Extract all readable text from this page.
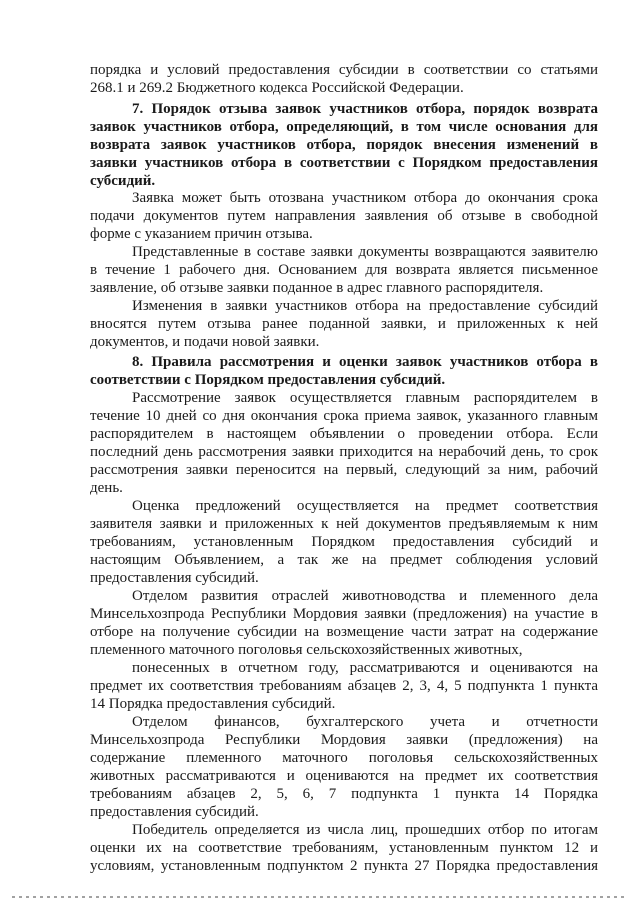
порядка и условий предоставления субсидии в соответствии со статьями
268.1 и 269.2 Бюджетного кодекса Российской Федерации.
7. Порядок отзыва заявок участников отбора, порядок возврата
заявок участников отбора, определяющий, в том числе основания для
возврата заявок участников отбора, порядок внесения изменений в
заявки участников отбора в соответствии с Порядком предоставления
субсидий.
Заявка может быть отозвана участником отбора до окончания срока
подачи документов путем направления заявления об отзыве в свободной
форме с указанием причин отзыва.
Представленные в составе заявки документы возвращаются заявителю
в течение 1 рабочего дня. Основанием для возврата является письменное
заявление, об отзыве заявки поданное в адрес главного распорядителя.
Изменения в заявки участников отбора на предоставление субсидий
вносятся путем отзыва ранее поданной заявки, и приложенных к ней
документов, и подачи новой заявки.
8. Правила рассмотрения и оценки заявок участников отбора в
соответствии с Порядком предоставления субсидий.
Рассмотрение заявок осуществляется главным распорядителем в
течение 10 дней со дня окончания срока приема заявок, указанного главным
распорядителем в настоящем объявлении о проведении отбора. Если
последний день рассмотрения заявки приходится на нерабочий день, то срок
рассмотрения заявки переносится на первый, следующий за ним, рабочий
день.
Оценка предложений осуществляется на предмет соответствия
заявителя заявки и приложенных к ней документов предъявляемым к ним
требованиям, установленным Порядком предоставления субсидий и
настоящим Объявлением, а так же на предмет соблюдения условий
предоставления субсидий.
Отделом развития отраслей животноводства и племенного дела
Минсельхозпрода Республики Мордовия заявки (предложения) на участие в
отборе на получение субсидии на возмещение части затрат на содержание
племенного маточного поголовья сельскохозяйственных животных,
понесенных в отчетном году, рассматриваются и оцениваются на
предмет их соответствия требованиям абзацев 2, 3, 4, 5 подпункта 1 пункта
14 Порядка предоставления субсидий.
Отделом финансов, бухгалтерского учета и отчетности
Минсельхозпрода Республики Мордовия заявки (предложения) на
содержание племенного маточного поголовья сельскохозяйственных
животных рассматриваются и оцениваются на предмет их соответствия
требованиям абзацев 2, 5, 6, 7 подпункта 1 пункта 14 Порядка
предоставления субсидий.
Победитель определяется из числа лиц, прошедших отбор по итогам
оценки их на соответствие требованиям, установленным пунктом 12 и
условиям, установленным подпунктом 2 пункта 27 Порядка предоставления
